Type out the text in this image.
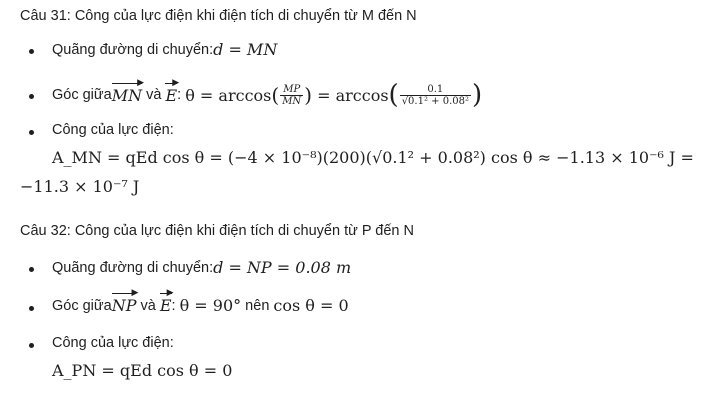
Câu 31: Công của lực điện khi điện tích di chuyển từ M đến N
Quãng đường di chuyển: d = MN
Góc giữa MN
▶
và E
▶
: θ = arccos ( $\frac{MP}{MN}$ ) = arccos ( $\frac{0.1}{\text{√0.1² + 0.08²}}$ )
Công của lực điện:
A_MN = qEd cos θ = (−4 × 10⁻⁸)(200)(√0.1² + 0.08²) cos θ ≈ −1.13 × 10⁻⁶ J =
−11.3 × 10⁻⁷ J
Câu 32: Công của lực điện khi điện tích di chuyển từ P đến N
Quãng đường di chuyển: d = NP = 0.08 m
Góc giữa NP
▶
và E
▶
: θ = 90° nên cos θ = 0
Công của lực điện:
A_PN = qEd cos θ = 0
